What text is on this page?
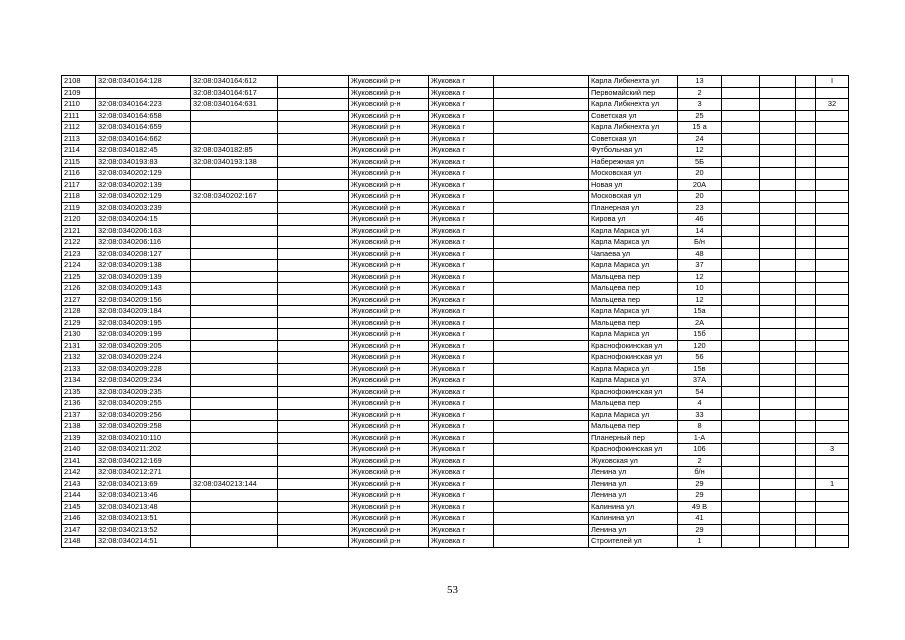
2108	32:08:0340164:128	32:08:0340164:612		Жуковский р-н	Жуковка г		Карла Либкнехта ул	13				I
2109		32:08:0340164:617		Жуковский р-н	Жуковка г		Первомайский пер	2				
2110	32:08:0340164:223	32:08:0340164:631		Жуковский р-н	Жуковка г		Карла Либкнехта ул	3				32
2111	32:08:0340164:658			Жуковский р-н	Жуковка г		Советская ул	25				
2112	32:08:0340164:659			Жуковский р-н	Жуковка г		Карла Либкнехта ул	15 а				
2113	32:08:0340164:662			Жуковский р-н	Жуковка г		Советская ул	24				
2114	32:08:0340182:45	32:08:0340182:85		Жуковский р-н	Жуковка г		Футбольная ул	12				
2115	32:08:0340193:83	32:08:0340193:138		Жуковский р-н	Жуковка г		Набережная ул	5Б				
2116	32:08:0340202:129			Жуковский р-н	Жуковка г		Московская ул	20				
2117	32:08:0340202:139			Жуковский р-н	Жуковка г		Новая ул	20А				
2118	32:08:0340202:129	32:08:0340202:167		Жуковский р-н	Жуковка г		Московская ул	20				
2119	32:08:0340203:239			Жуковский р-н	Жуковка г		Планерная ул	23				
2120	32:08:0340204:15			Жуковский р-н	Жуковка г		Кирова ул	46				
2121	32:08:0340206:163			Жуковский р-н	Жуковка г		Карла Маркса ул	14				
2122	32:08:0340206:116			Жуковский р-н	Жуковка г		Карла Маркса ул	Б/н				
2123	32:08:0340208:127			Жуковский р-н	Жуковка г		Чапаева ул	48				
2124	32:08:0340209:138			Жуковский р-н	Жуковка г		Карла Маркса ул	37				
2125	32:08:0340209:139			Жуковский р-н	Жуковка г		Мальцева пер	12				
2126	32:08:0340209:143			Жуковский р-н	Жуковка г		Мальцева пер	10				
2127	32:08:0340209:156			Жуковский р-н	Жуковка г		Мальцева пер	12				
2128	32:08:0340209:184			Жуковский р-н	Жуковка г		Карла Маркса ул	15а				
2129	32:08:0340209:195			Жуковский р-н	Жуковка г		Мальцева пер	2А				
2130	32:08:0340209:199			Жуковский р-н	Жуковка г		Карла Маркса ул	15б				
2131	32:08:0340209:205			Жуковский р-н	Жуковка г		Краснофокинская ул	120				
2132	32:08:0340209:224			Жуковский р-н	Жуковка г		Краснофокинская ул	56				
2133	32:08:0340209:228			Жуковский р-н	Жуковка г		Карла Маркса ул	15в				
2134	32:08:0340209:234			Жуковский р-н	Жуковка г		Карла Маркса ул	37А				
2135	32:08:0340209:235			Жуковский р-н	Жуковка г		Краснофокинская ул	54				
2136	32:08:0340209:255			Жуковский р-н	Жуковка г		Мальцева пер	4				
2137	32:08:0340209:256			Жуковский р-н	Жуковка г		Карла Маркса ул	33				
2138	32:08:0340209:258			Жуковский р-н	Жуковка г		Мальцева пер	8				
2139	32:08:0340210:110			Жуковский р-н	Жуковка г		Планерный пер	1-А				
2140	32:08:0340211:202			Жуковский р-н	Жуковка г		Краснофокинская ул	106				3
2141	32:08:0340212:169			Жуковский р-н	Жуковка г		Жуковская ул	2				
2142	32:08:0340212:271			Жуковский р-н	Жуковка г		Ленина ул	б/н				
2143	32:08:0340213:69	32:08:0340213:144		Жуковский р-н	Жуковка г		Ленина ул	29				1
2144	32:08:0340213:46			Жуковский р-н	Жуковка г		Ленина ул	29				
2145	32:08:0340213:48			Жуковский р-н	Жуковка г		Калинина ул	49 В				
2146	32:08:0340213:51			Жуковский р-н	Жуковка г		Калинина ул	41				
2147	32:08:0340213:52			Жуковский р-н	Жуковка г		Ленина ул	29				
2148	32:08:0340214:51			Жуковский р-н	Жуковка г		Строителей ул	1				
53
